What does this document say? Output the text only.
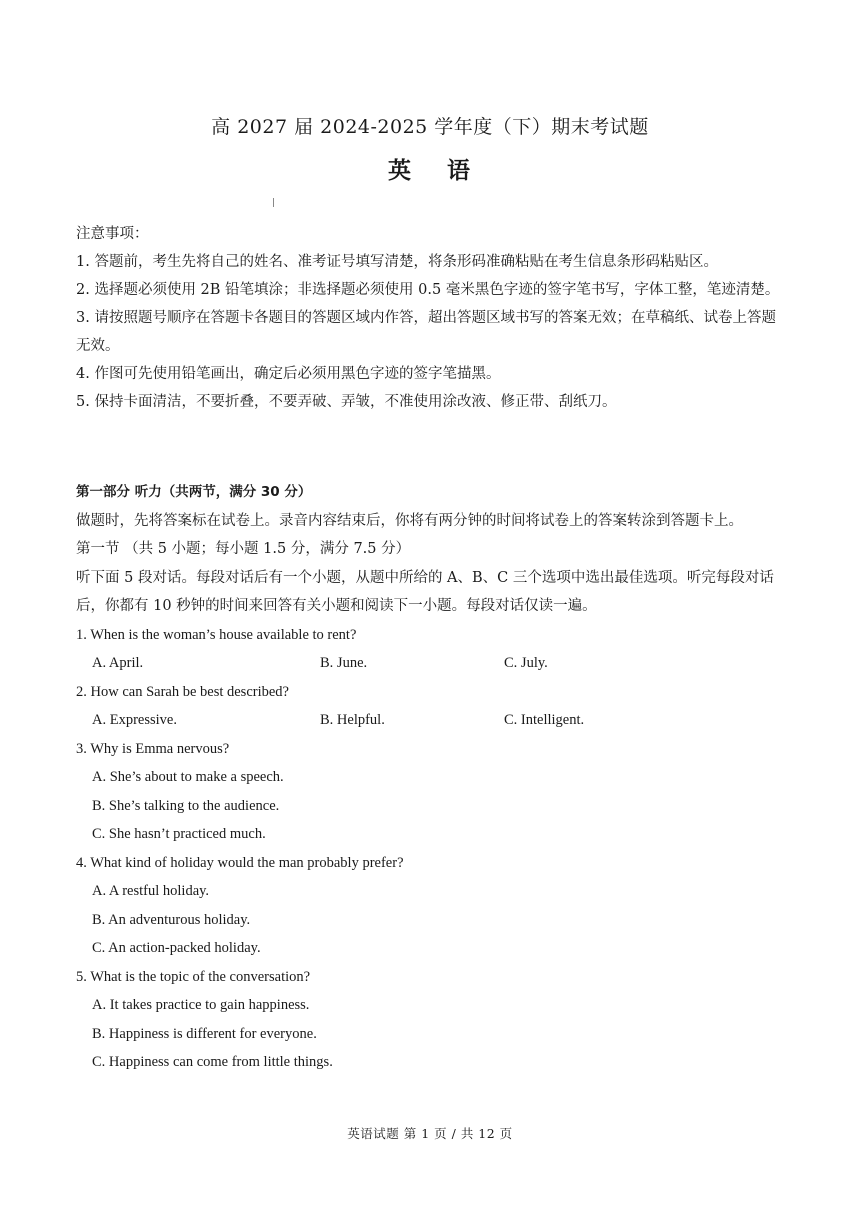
高 2027 届 2024-2025 学年度（下）期末考试题
英 语
注意事项：
1. 答题前，考生先将自己的姓名、准考证号填写清楚，将条形码准确粘贴在考生信息条形码粘贴区。
2. 选择题必须使用 2B 铅笔填涂；非选择题必须使用 0.5 毫米黑色字迹的签字笔书写，字体工整，笔迹清楚。
3. 请按照题号顺序在答题卡各题目的答题区域内作答，超出答题区域书写的答案无效；在草稿纸、试卷上答题无效。
4. 作图可先使用铅笔画出，确定后必须用黑色字迹的签字笔描黑。
5. 保持卡面清洁，不要折叠，不要弄破、弄皱，不准使用涂改液、修正带、刮纸刀。
第一部分 听力（共两节，满分 30 分）
做题时，先将答案标在试卷上。录音内容结束后，你将有两分钟的时间将试卷上的答案转涂到答题卡上。
第一节 （共 5 小题；每小题 1.5 分，满分 7.5 分）
听下面 5 段对话。每段对话后有一个小题，从题中所给的 A、B、C 三个选项中选出最佳选项。听完每段对话后，你都有 10 秒钟的时间来回答有关小题和阅读下一小题。每段对话仅读一遍。
1. When is the woman’s house available to rent?
A. April.	B. June.	C. July.
2. How can Sarah be best described?
A. Expressive.	B. Helpful.	C. Intelligent.
3. Why is Emma nervous?
A. She’s about to make a speech.
B. She’s talking to the audience.
C. She hasn’t practiced much.
4. What kind of holiday would the man probably prefer?
A. A restful holiday.
B. An adventurous holiday.
C. An action-packed holiday.
5. What is the topic of the conversation?
A. It takes practice to gain happiness.
B. Happiness is different for everyone.
C. Happiness can come from little things.
英语试题 第 1 页 / 共 12 页
